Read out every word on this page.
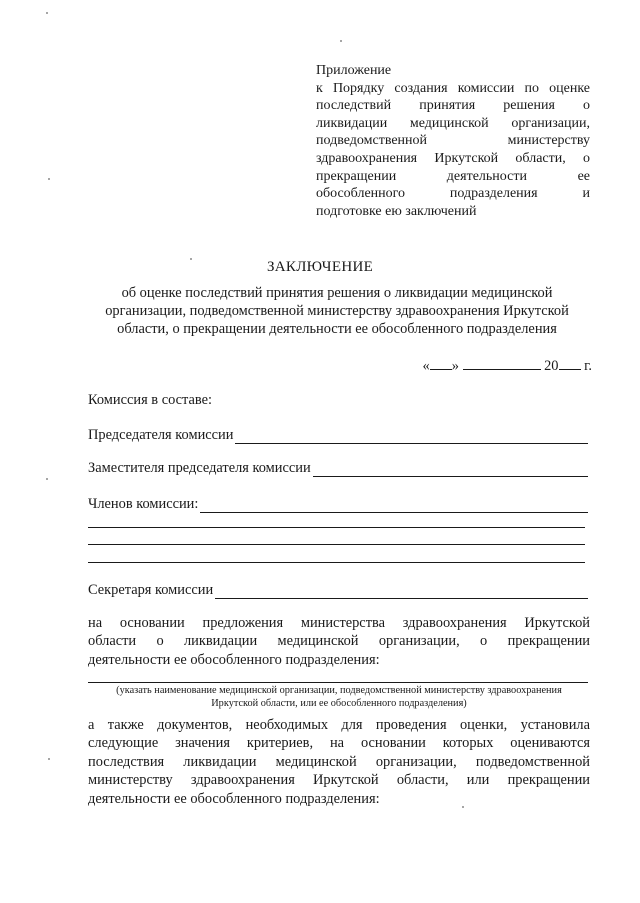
Приложение
к Порядку создания комиссии по оценке
последствий принятия решения о
ликвидации медицинской организации,
подведомственной министерству
здравоохранения Иркутской области, о
прекращении деятельности ее
обособленного подразделения и
подготовке ею заключений
ЗАКЛЮЧЕНИЕ
об оценке последствий принятия решения о ликвидации медицинской
организации, подведомственной министерству здравоохранения Иркутской
области, о прекращении деятельности ее обособленного подразделения
« »	20 г.
Комиссия в составе:
Председателя комиссии
Заместителя председателя комиссии
Членов комиссии:
Секретаря комиссии
на основании предложения министерства здравоохранения Иркутской
области о ликвидации медицинской организации, о прекращении
деятельности ее обособленного подразделения:
(указать наименование медицинской организации, подведомственной министерству здравоохранения
Иркутской области, или ее обособленного подразделения)
а также документов, необходимых для проведения оценки, установила
следующие значения критериев, на основании которых оцениваются
последствия ликвидации медицинской организации, подведомственной
министерству здравоохранения Иркутской области, или прекращении
деятельности ее обособленного подразделения:
